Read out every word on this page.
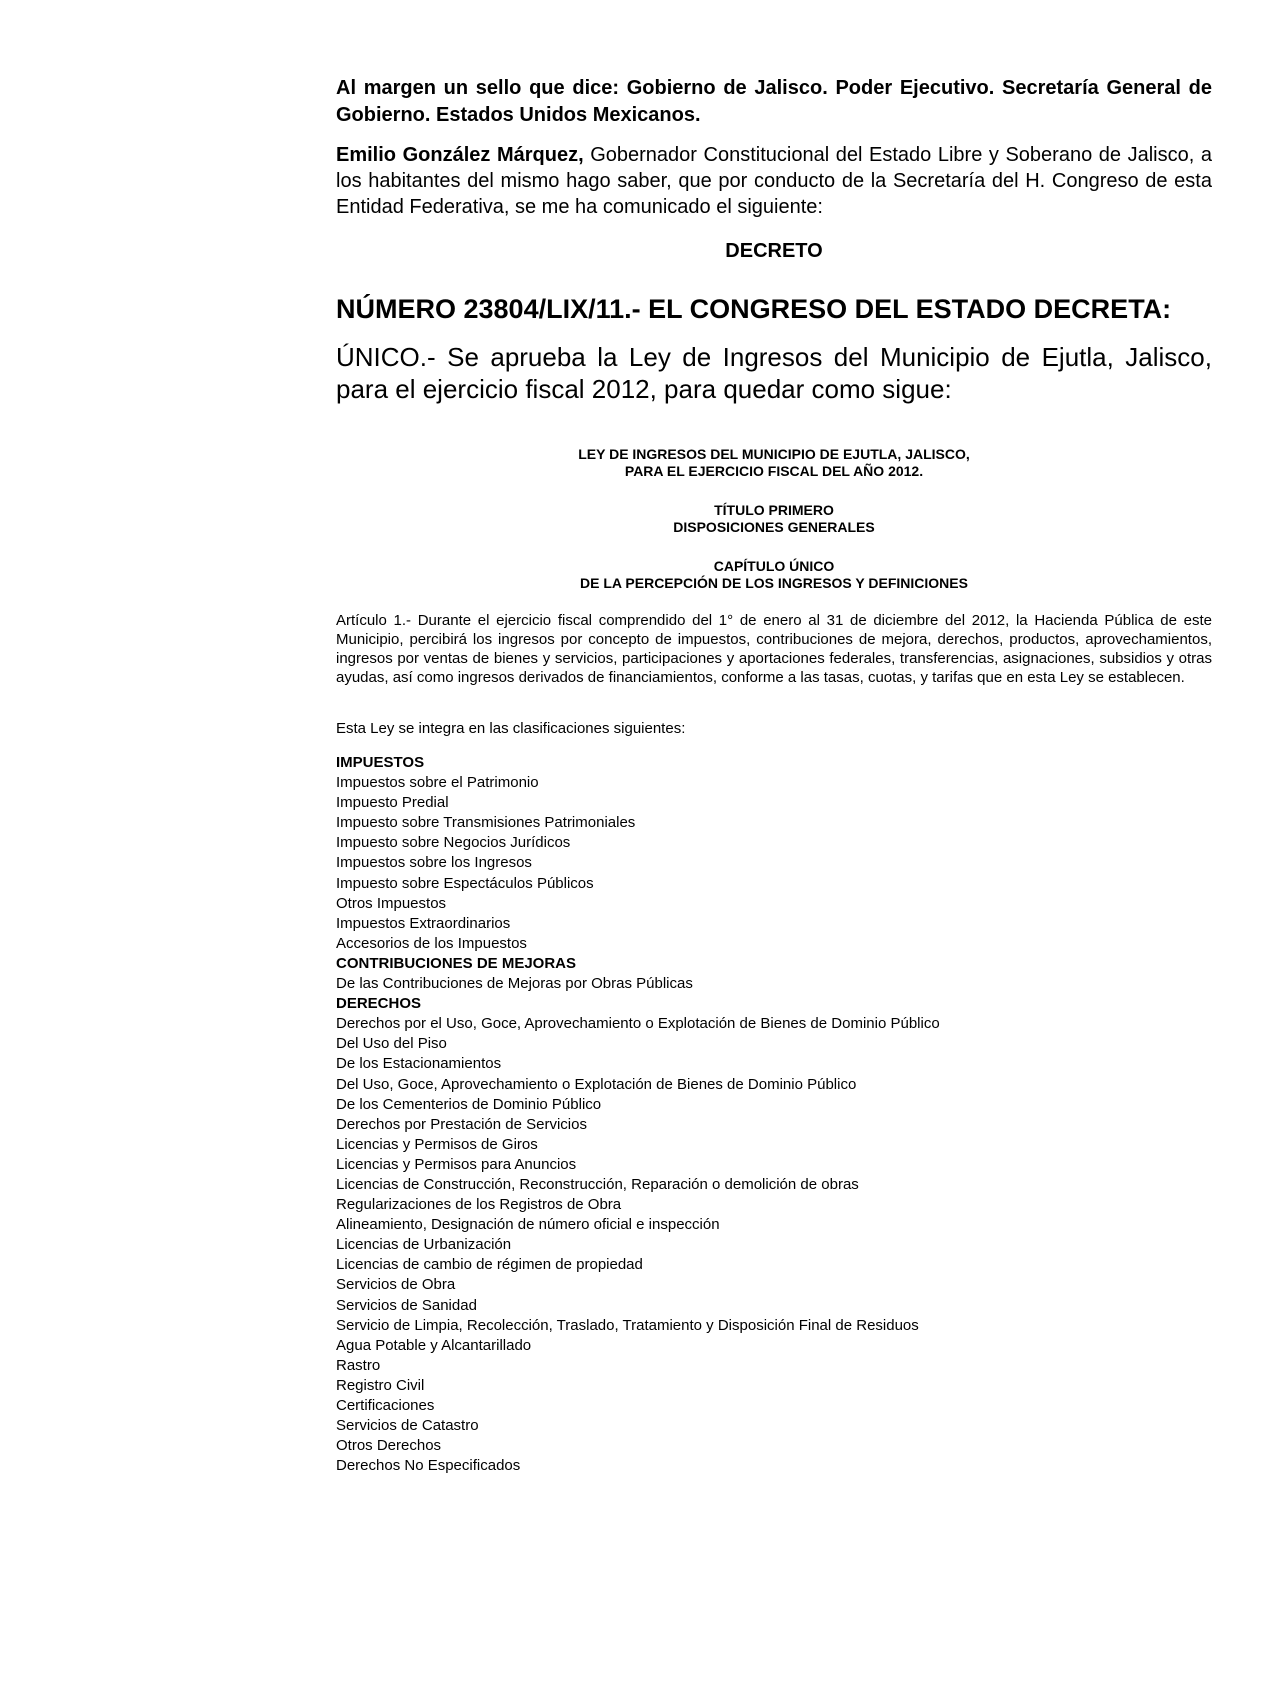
Al margen un sello que dice: Gobierno de Jalisco. Poder Ejecutivo. Secretaría General de Gobierno. Estados Unidos Mexicanos.
Emilio González Márquez, Gobernador Constitucional del Estado Libre y Soberano de Jalisco, a los habitantes del mismo hago saber, que por conducto de la Secretaría del H. Congreso de esta Entidad Federativa, se me ha comunicado el siguiente:
DECRETO
NÚMERO 23804/LIX/11.- EL CONGRESO DEL ESTADO DECRETA:
ÚNICO.- Se aprueba la Ley de Ingresos del Municipio de Ejutla, Jalisco, para el ejercicio fiscal 2012, para quedar como sigue:
LEY DE INGRESOS DEL MUNICIPIO DE EJUTLA, JALISCO,
PARA EL EJERCICIO FISCAL DEL AÑO 2012.
TÍTULO PRIMERO
DISPOSICIONES GENERALES
CAPÍTULO ÚNICO
DE LA PERCEPCIÓN DE LOS INGRESOS Y DEFINICIONES
Artículo 1.- Durante el ejercicio fiscal comprendido del 1° de enero al 31 de diciembre del 2012, la Hacienda Pública de este Municipio, percibirá los ingresos por concepto de impuestos, contribuciones de mejora, derechos, productos, aprovechamientos, ingresos por ventas de bienes y servicios, participaciones y aportaciones federales, transferencias, asignaciones, subsidios y otras ayudas, así como ingresos derivados de financiamientos, conforme a las tasas, cuotas, y tarifas que en esta Ley se establecen.
Esta Ley se integra en las clasificaciones siguientes:
IMPUESTOS
Impuestos sobre el Patrimonio
Impuesto Predial
Impuesto sobre Transmisiones Patrimoniales
Impuesto sobre Negocios Jurídicos
Impuestos sobre los Ingresos
Impuesto sobre Espectáculos Públicos
Otros Impuestos
Impuestos Extraordinarios
Accesorios de los Impuestos
CONTRIBUCIONES DE MEJORAS
De las Contribuciones de Mejoras por Obras Públicas
DERECHOS
Derechos por el Uso, Goce, Aprovechamiento o Explotación de Bienes de Dominio Público
Del Uso del Piso
De los Estacionamientos
Del Uso, Goce, Aprovechamiento o Explotación de Bienes de Dominio Público
De los Cementerios de Dominio Público
Derechos por Prestación de Servicios
Licencias y Permisos de Giros
Licencias y Permisos para Anuncios
Licencias de Construcción, Reconstrucción, Reparación o demolición de obras
Regularizaciones de los Registros de Obra
Alineamiento, Designación de número oficial e inspección
Licencias de Urbanización
Licencias de cambio de régimen de propiedad
Servicios de Obra
Servicios de Sanidad
Servicio de Limpia, Recolección, Traslado, Tratamiento y Disposición Final de Residuos
Agua Potable y Alcantarillado
Rastro
Registro Civil
Certificaciones
Servicios de Catastro
Otros Derechos
Derechos No Especificados
